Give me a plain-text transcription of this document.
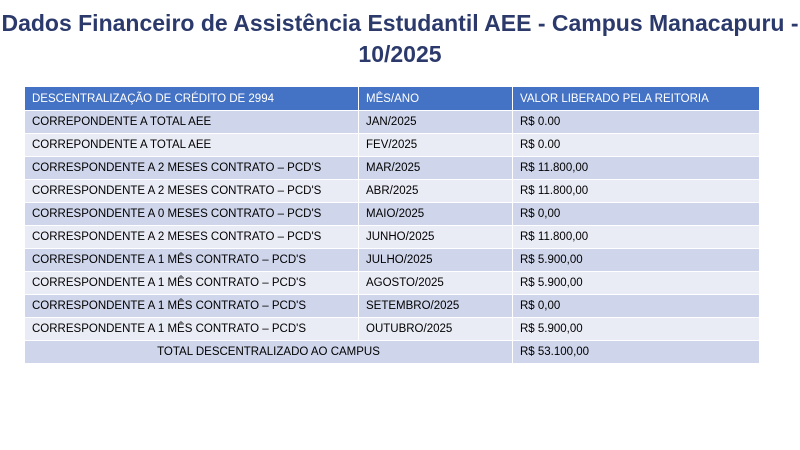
Dados Financeiro de Assistência Estudantil AEE - Campus Manacapuru -
10/2025
DESCENTRALIZAÇÃO DE CRÉDITO DE 2994	MÊS/ANO	VALOR LIBERADO PELA REITORIA
CORREPONDENTE A TOTAL AEE	JAN/2025	R$ 0.00
CORREPONDENTE A TOTAL AEE	FEV/2025	R$ 0.00
CORRESPONDENTE A 2 MESES CONTRATO – PCD'S	MAR/2025	R$ 11.800,00
CORRESPONDENTE A 2 MESES CONTRATO – PCD'S	ABR/2025	R$ 11.800,00
CORRESPONDENTE A 0 MESES CONTRATO – PCD'S	MAIO/2025	R$ 0,00
CORRESPONDENTE A 2 MESES CONTRATO – PCD'S	JUNHO/2025	R$ 11.800,00
CORRESPONDENTE A 1 MÊS CONTRATO – PCD'S	JULHO/2025	R$ 5.900,00
CORRESPONDENTE A 1 MÊS CONTRATO – PCD'S	AGOSTO/2025	R$ 5.900,00
CORRESPONDENTE A 1 MÊS CONTRATO – PCD'S	SETEMBRO/2025	R$ 0,00
CORRESPONDENTE A 1 MÊS CONTRATO – PCD'S	OUTUBRO/2025	R$ 5.900,00
TOTAL DESCENTRALIZADO AO CAMPUS		R$ 53.100,00
